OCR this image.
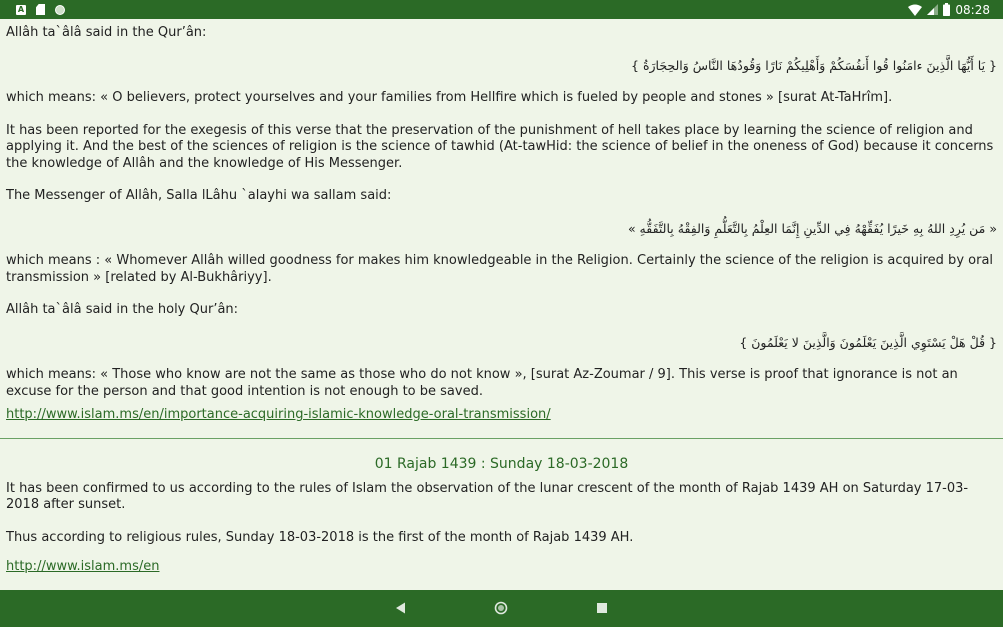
A	08:28

Allâh ta`âlâ said in the Qur’ân:

{ يَا أَيُّهَا الَّذِينَ ءامَنُوا قُوا أَنفُسَكُمْ وَأَهْلِيكُمْ نَارًا وَقُودُهَا النَّاسُ وَالحِجَارَةُ }

which means: « O believers, protect yourselves and your families from Hellfire which is fueled by people and stones » [surat At-TaHrîm].

It has been reported for the exegesis of this verse that the preservation of the punishment of hell takes place by learning the science of religion and applying it. And the best of the sciences of religion is the science of tawhid (At-tawHid: the science of belief in the oneness of God) because it concerns the knowledge of Allâh and the knowledge of His Messenger.

The Messenger of Allâh, Salla lLâhu `alayhi wa sallam said:

« مَن يُرِدِ اللهُ بِهِ خَيرًا يُفَقِّهْهُ فِي الدِّينِ إِنَّمَا العِلْمُ بِالتَّعَلُّمِ وَالفِقْهُ بِالتَّفَقُّهِ »

which means : « Whomever Allâh willed goodness for makes him knowledgeable in the Religion. Certainly the science of the religion is acquired by oral transmission » [related by Al-Bukhâriyy].

Allâh ta`âlâ said in the holy Qur’ân:

{ قُلْ هَلْ يَسْتَوِي الَّذِينَ يَعْلَمُونَ وَالَّذِينَ لا يَعْلَمُونَ }

which means: « Those who know are not the same as those who do not know », [surat Az-Zoumar / 9]. This verse is proof that ignorance is not an excuse for the person and that good intention is not enough to be saved.

http://www.islam.ms/en/importance-acquiring-islamic-knowledge-oral-transmission/

01 Rajab 1439 : Sunday 18-03-2018

It has been confirmed to us according to the rules of Islam the observation of the lunar crescent of the month of Rajab 1439 AH on Saturday 17-03-2018 after sunset.

Thus according to religious rules, Sunday 18-03-2018 is the first of the month of Rajab 1439 AH.

http://www.islam.ms/en
